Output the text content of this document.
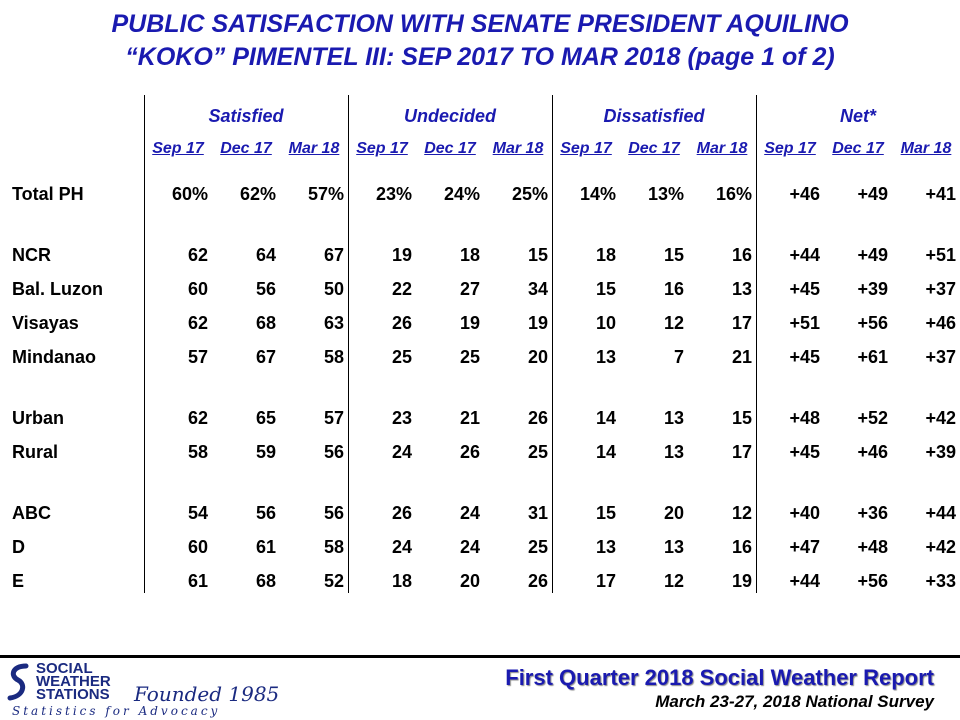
PUBLIC SATISFACTION WITH SENATE PRESIDENT AQUILINO
“KOKO” PIMENTEL III: SEP 2017 TO MAR 2018 (page 1 of 2)
Satisfied
Sep 17	Dec 17	Mar 18
Undecided
Sep 17	Dec 17	Mar 18
Dissatisfied
Sep 17	Dec 17	Mar 18
Net*
Sep 17	Dec 17	Mar 18
Total PH	60%	62%	57%	23%	24%	25%	14%	13%	16%	+46	+49	+41
NCR	62	64	67	19	18	15	18	15	16	+44	+49	+51
Bal. Luzon	60	56	50	22	27	34	15	16	13	+45	+39	+37
Visayas	62	68	63	26	19	19	10	12	17	+51	+56	+46
Mindanao	57	67	58	25	25	20	13	7	21	+45	+61	+37
Urban	62	65	57	23	21	26	14	13	15	+48	+52	+42
Rural	58	59	56	24	26	25	14	13	17	+45	+46	+39
ABC	54	56	56	26	24	31	15	20	12	+40	+36	+44
D	60	61	58	24	24	25	13	13	16	+47	+48	+42
E	61	68	52	18	20	26	17	12	19	+44	+56	+33
SOCIAL
WEATHER
STATIONS Founded 1985
Statistics for Advocacy
First Quarter 2018 Social Weather Report
March 23-27, 2018 National Survey
